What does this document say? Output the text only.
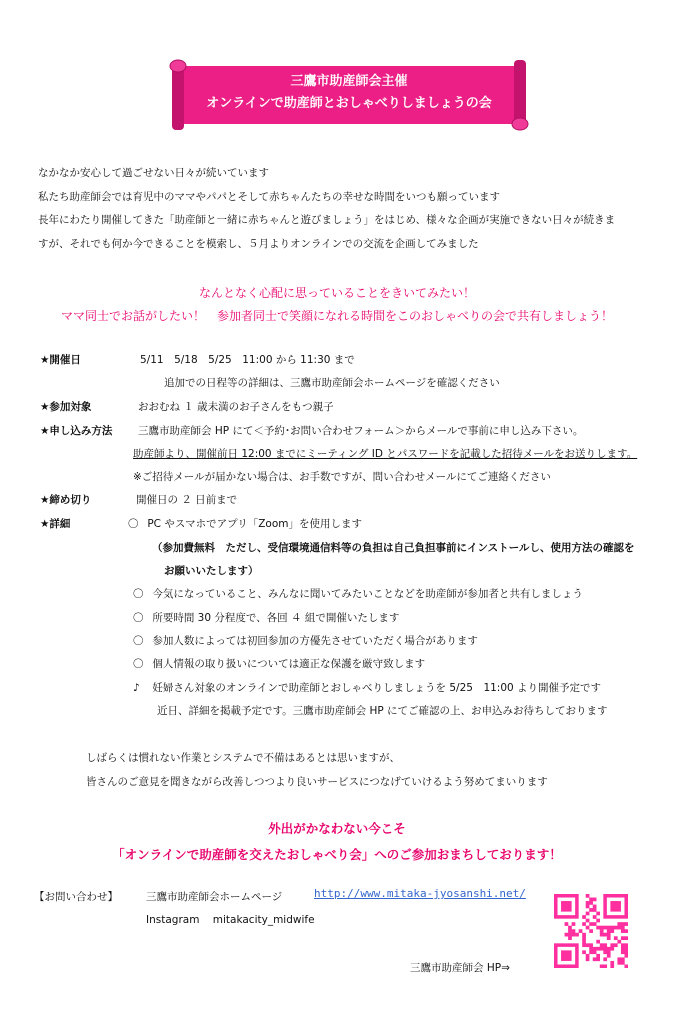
三鷹市助産師会主催
オンラインで助産師とおしゃべりしましょうの会
なかなか安心して過ごせない日々が続いています
私たち助産師会では育児中のママやパパとそして赤ちゃんたちの幸せな時間をいつも願っています
長年にわたり開催してきた「助産師と一緒に赤ちゃんと遊びましょう」をはじめ、様々な企画が実施できない日々が続きま
すが、それでも何か今できることを模索し、５月よりオンラインでの交流を企画してみました
なんとなく心配に思っていることをきいてみたい！
ママ同士でお話がしたい！　参加者同士で笑顔になれる時間をこのおしゃべりの会で共有しましょう！
★開催日	5/11　5/18　5/25　11:00 から 11:30 まで
追加での日程等の詳細は、三鷹市助産師会ホームページを確認ください
★参加対象	おおむね １ 歳未満のお子さんをもつ親子
★申し込み方法 三鷹市助産師会 HP にて＜予約･お問い合わせフォーム＞からメールで事前に申し込み下さい。
助産師より、開催前日 12:00 までにミーティング ID とパスワードを記載した招待メールをお送りします。
※ご招待メールが届かない場合は、お手数ですが、問い合わせメールにてご連絡ください
★締め切り	開催日の ２ 日前まで
★詳細	〇 PC やスマホでアプリ「Zoom」を使用します
（参加費無料　ただし、受信環境通信料等の負担は自己負担事前にインストールし、使用方法の確認を
お願いいたします）
〇 今気になっていること、みんなに聞いてみたいことなどを助産師が参加者と共有しましょう
〇 所要時間 30 分程度で、各回 ４ 組で開催いたします
〇 参加人数によっては初回参加の方優先させていただく場合があります
〇 個人情報の取り扱いについては適正な保護を厳守致します
♪ 妊婦さん対象のオンラインで助産師とおしゃべりしましょうを 5/25　11:00 より開催予定です
近日、詳細を掲載予定です。三鷹市助産師会 HP にてご確認の上、お申込みお待ちしております
しばらくは慣れない作業とシステムで不備はあるとは思いますが、
皆さんのご意見を聞きながら改善しつつより良いサービスにつなげていけるよう努めてまいります
外出がかなわない今こそ
「オンラインで助産師を交えたおしゃべり会」へのご参加おまちしております！
【お問い合わせ】	三鷹市助産師会ホームページ	http://www.mitaka-jyosanshi.net/
Instagram mitakacity_midwife
三鷹市助産師会 HP⇒
